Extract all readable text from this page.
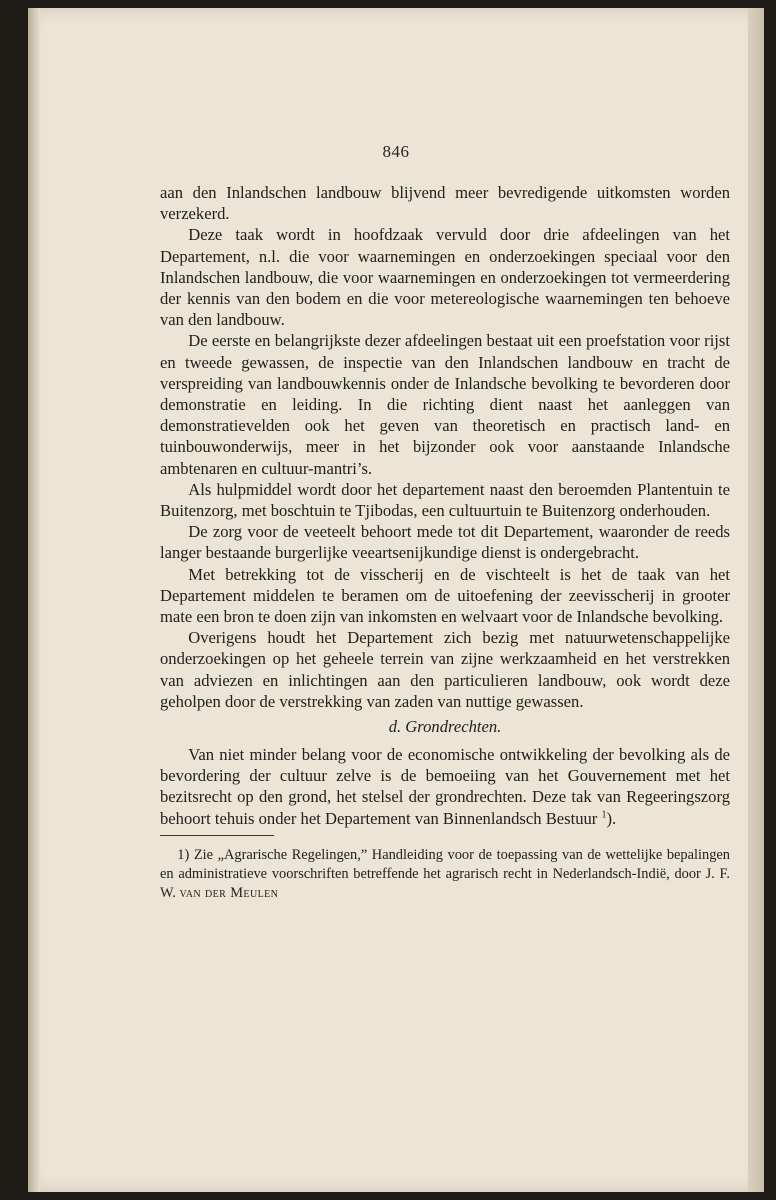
846

aan den Inlandschen landbouw blijvend meer bevredigende uitkomsten worden verzekerd.

Deze taak wordt in hoofdzaak vervuld door drie afdeelingen van het Departement, n.l. die voor waarnemingen en onderzoekingen speciaal voor den Inlandschen landbouw, die voor waarnemingen en onderzoekingen tot vermeerdering der kennis van den bodem en die voor metereologische waarnemingen ten behoeve van den landbouw.

De eerste en belangrijkste dezer afdeelingen bestaat uit een proefstation voor rijst en tweede gewassen, de inspectie van den Inlandschen landbouw en tracht de verspreiding van landbouwkennis onder de Inlandsche bevolking te bevorderen door demonstratie en leiding. In die richting dient naast het aanleggen van demonstratievelden ook het geven van theoretisch en practisch land- en tuinbouwonderwijs, meer in het bijzonder ook voor aanstaande Inlandsche ambtenaren en cultuur-mantri’s.

Als hulpmiddel wordt door het departement naast den beroemden Plantentuin te Buitenzorg, met boschtuin te Tjibodas, een cultuurtuin te Buitenzorg onderhouden.

De zorg voor de veeteelt behoort mede tot dit Departement, waaronder de reeds langer bestaande burgerlijke veeartsenijkundige dienst is ondergebracht.

Met betrekking tot de visscherij en de vischteelt is het de taak van het Departement middelen te beramen om de uitoefening der zeevisscherij in grooter mate een bron te doen zijn van inkomsten en welvaart voor de Inlandsche bevolking.

Overigens houdt het Departement zich bezig met natuurwetenschappelijke onderzoekingen op het geheele terrein van zijne werkzaamheid en het verstrekken van adviezen en inlichtingen aan den particulieren landbouw, ook wordt deze geholpen door de verstrekking van zaden van nuttige gewassen.

d. Grondrechten.

Van niet minder belang voor de economische ontwikkeling der bevolking als de bevordering der cultuur zelve is de bemoeiing van het Gouvernement met het bezitsrecht op den grond, het stelsel der grondrechten. Deze tak van Regeeringszorg behoort tehuis onder het Departement van Binnenlandsch Bestuur $^1$).

1) Zie „Agrarische Regelingen,” Handleiding voor de toepassing van de wettelijke bepalingen en administratieve voorschriften betreffende het agrarisch recht in Nederlandsch-Indië, door J. F. W. van der Meulen
